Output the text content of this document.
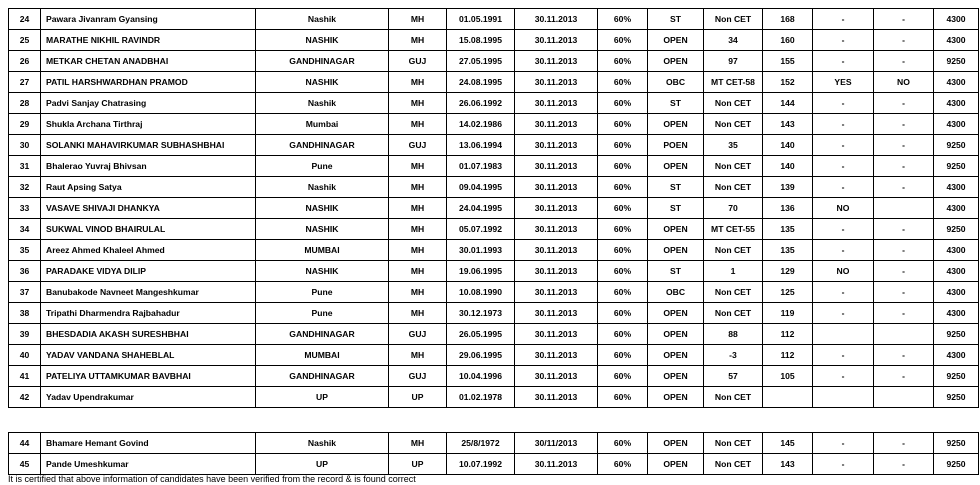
24	Pawara Jivanram Gyansing	Nashik	MH	01.05.1991	30.11.2013	60%	ST	Non CET	168	-	-	4300
25	MARATHE NIKHIL RAVINDR	NASHIK	MH	15.08.1995	30.11.2013	60%	OPEN	34	160	-	-	4300
26	METKAR CHETAN ANADBHAI	GANDHINAGAR	GUJ	27.05.1995	30.11.2013	60%	OPEN	97	155	-	-	9250
27	PATIL HARSHWARDHAN PRAMOD	NASHIK	MH	24.08.1995	30.11.2013	60%	OBC	MT CET-58	152	YES	NO	4300
28	Padvi Sanjay Chatrasing	Nashik	MH	26.06.1992	30.11.2013	60%	ST	Non CET	144	-	-	4300
29	Shukla Archana Tirthraj	Mumbai	MH	14.02.1986	30.11.2013	60%	OPEN	Non CET	143	-	-	4300
30	SOLANKI MAHAVIRKUMAR SUBHASHBHAI	GANDHINAGAR	GUJ	13.06.1994	30.11.2013	60%	POEN	35	140	-	-	9250
31	Bhalerao Yuvraj Bhivsan	Pune	MH	01.07.1983	30.11.2013	60%	OPEN	Non CET	140	-	-	9250
32	Raut Apsing Satya	Nashik	MH	09.04.1995	30.11.2013	60%	ST	Non CET	139	-	-	4300
33	VASAVE SHIVAJI DHANKYA	NASHIK	MH	24.04.1995	30.11.2013	60%	ST	70	136	NO		4300
34	SUKWAL VINOD BHAIRULAL	NASHIK	MH	05.07.1992	30.11.2013	60%	OPEN	MT CET-55	135	-	-	9250
35	Areez Ahmed Khaleel Ahmed	MUMBAI	MH	30.01.1993	30.11.2013	60%	OPEN	Non CET	135	-	-	4300
36	PARADAKE VIDYA DILIP	NASHIK	MH	19.06.1995	30.11.2013	60%	ST	1	129	NO	-	4300
37	Banubakode Navneet Mangeshkumar	Pune	MH	10.08.1990	30.11.2013	60%	OBC	Non CET	125	-	-	4300
38	Tripathi Dharmendra Rajbahadur	Pune	MH	30.12.1973	30.11.2013	60%	OPEN	Non CET	119	-	-	4300
39	BHESDADIA AKASH SURESHBHAI	GANDHINAGAR	GUJ	26.05.1995	30.11.2013	60%	OPEN	88	112			9250
40	YADAV VANDANA SHAHEBLAL	MUMBAI	MH	29.06.1995	30.11.2013	60%	OPEN	-3	112	-	-	4300
41	PATELIYA UTTAMKUMAR BAVBHAI	GANDHINAGAR	GUJ	10.04.1996	30.11.2013	60%	OPEN	57	105	-	-	9250
42	Yadav Upendrakumar	UP	UP	01.02.1978	30.11.2013	60%	OPEN	Non CET				9250
44	Bhamare Hemant Govind	Nashik	MH	25/8/1972	30/11/2013	60%	OPEN	Non CET	145	-	-	9250
45	Pande Umeshkumar	UP	UP	10.07.1992	30.11.2013	60%	OPEN	Non CET	143	-	-	9250
It is certified that above information of candidates have been verified from the record & is found correct
